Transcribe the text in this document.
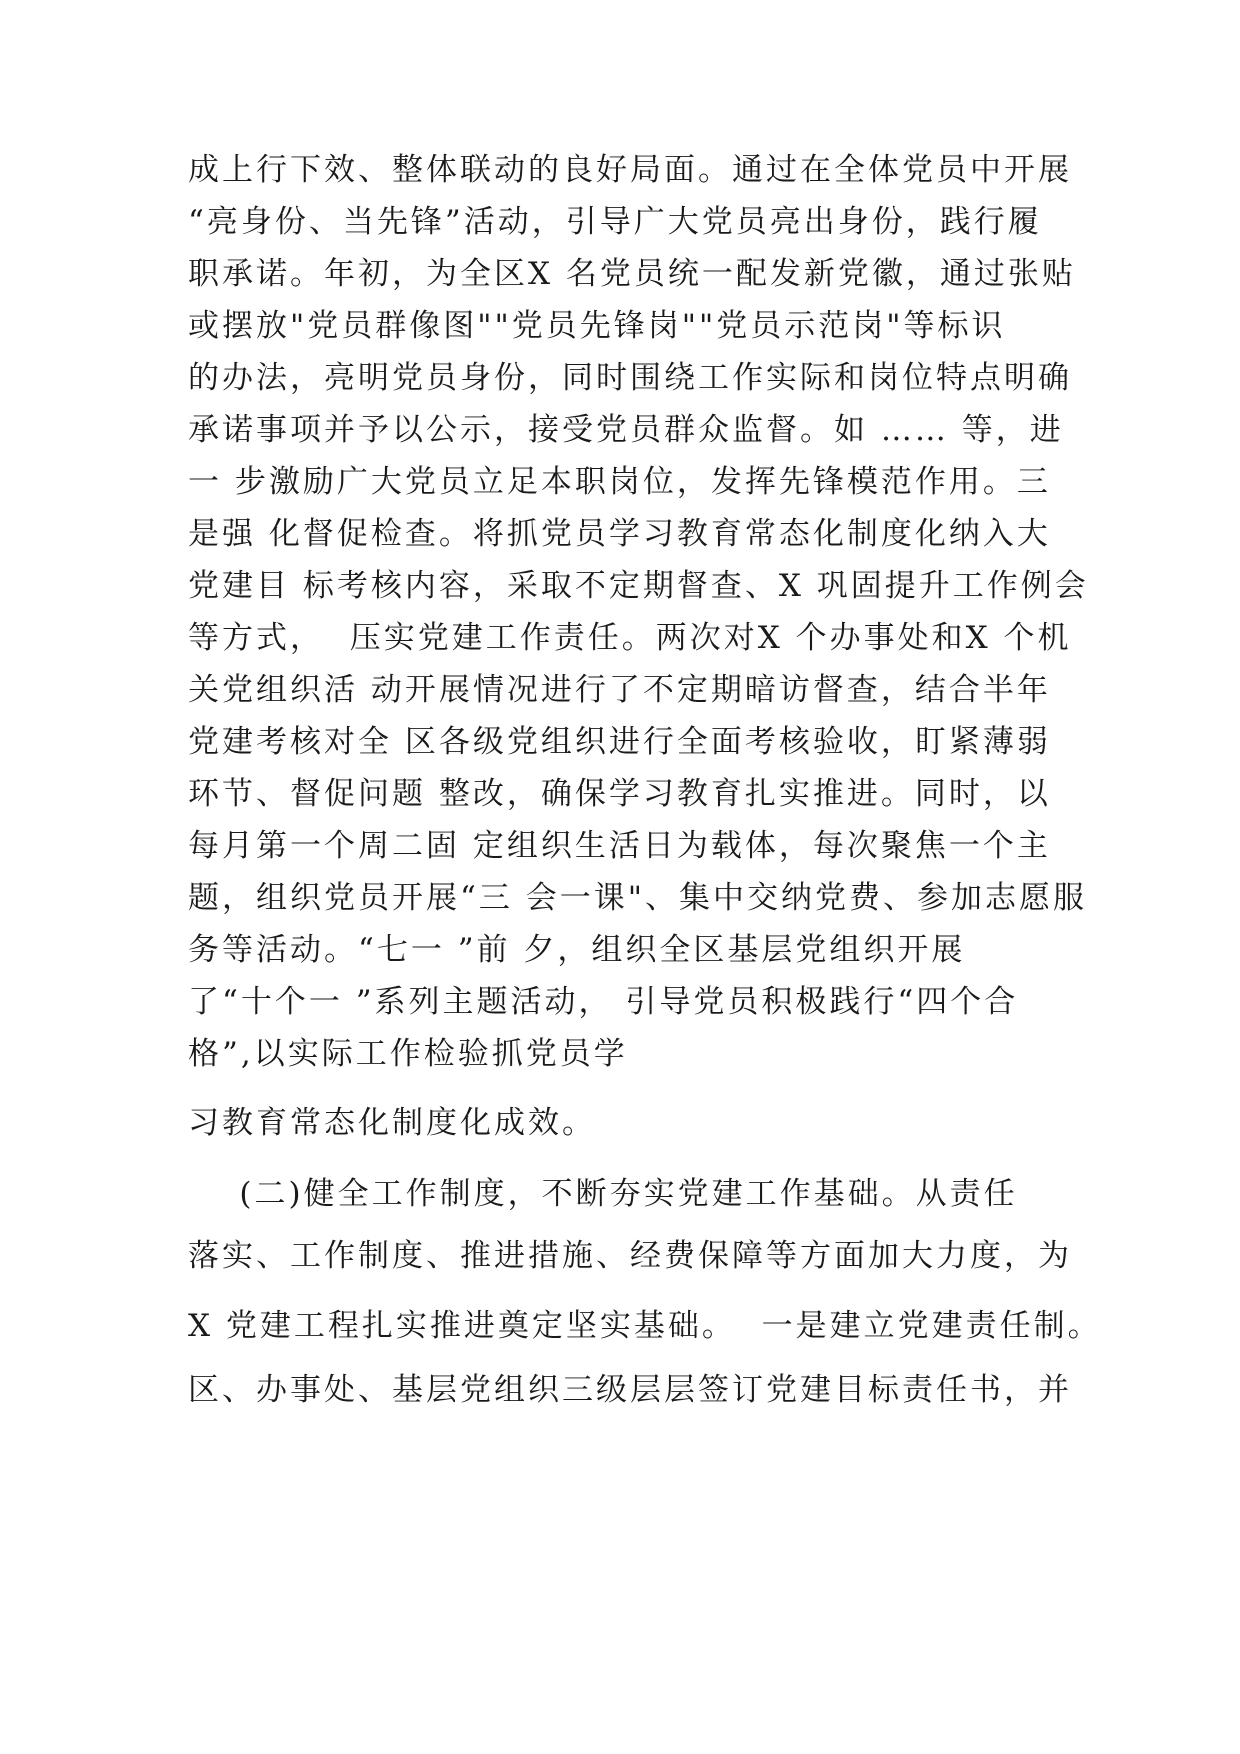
成上行下效、整体联动的良好局面。通过在全体党员中开展
“亮身份、当先锋”活动，引导广大党员亮出身份，践行履
职承诺。年初，为全区X 名党员统一配发新党徽，通过张贴
或摆放"党员群像图""党员先锋岗""党员示范岗"等标识
的办法，亮明党员身份，同时围绕工作实际和岗位特点明确
承诺事项并予以公示，接受党员群众监督。如 …… 等，进
一 步激励广大党员立足本职岗位，发挥先锋模范作用。三
是强 化督促检查。将抓党员学习教育常态化制度化纳入大
党建目 标考核内容，采取不定期督查、X 巩固提升工作例会
等方式，  压实党建工作责任。两次对X 个办事处和X 个机
关党组织活 动开展情况进行了不定期暗访督查，结合半年
党建考核对全 区各级党组织进行全面考核验收，盯紧薄弱
环节、督促问题 整改，确保学习教育扎实推进。同时，以
每月第一个周二固 定组织生活日为载体，每次聚焦一个主
题，组织党员开展“三 会一课"、集中交纳党费、参加志愿服
务等活动。“七一 ”前 夕，组织全区基层党组织开展
了“十个一 ”系列主题活动， 引导党员积极践行“四个合
格”,以实际工作检验抓党员学
习教育常态化制度化成效。
(二)健全工作制度，不断夯实党建工作基础。从责任
落实、工作制度、推进措施、经费保障等方面加大力度，为
X 党建工程扎实推进奠定坚实基础。  一是建立党建责任制。
区、办事处、基层党组织三级层层签订党建目标责任书，并
